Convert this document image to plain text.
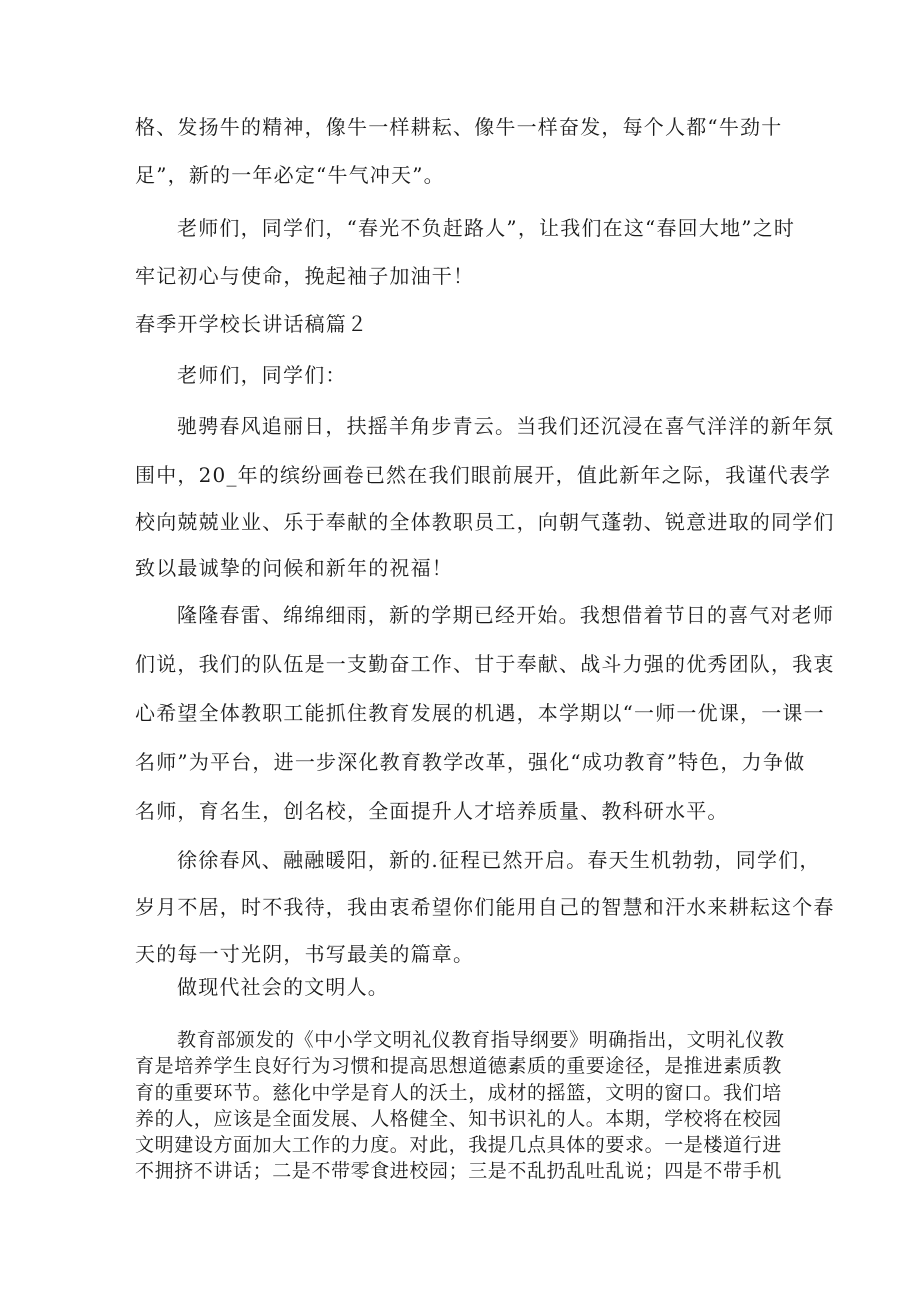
格、发扬牛的精神，像牛一样耕耘、像牛一样奋发，每个人都“牛劲十
足”，新的一年必定“牛气冲天”。
老师们，同学们，“春光不负赶路人”，让我们在这“春回大地”之时
牢记初心与使命，挽起袖子加油干！
春季开学校长讲话稿篇２
老师们，同学们：
驰骋春风追丽日，扶摇羊角步青云。当我们还沉浸在喜气洋洋的新年氛
围中，20_年的缤纷画卷已然在我们眼前展开，值此新年之际，我谨代表学
校向兢兢业业、乐于奉献的全体教职员工，向朝气蓬勃、锐意进取的同学们
致以最诚挚的问候和新年的祝福！
隆隆春雷、绵绵细雨，新的学期已经开始。我想借着节日的喜气对老师
们说，我们的队伍是一支勤奋工作、甘于奉献、战斗力强的优秀团队，我衷
心希望全体教职工能抓住教育发展的机遇，本学期以“一师一优课，一课一
名师”为平台，进一步深化教育教学改革，强化“成功教育”特色，力争做
名师，育名生，创名校，全面提升人才培养质量、教科研水平。
徐徐春风、融融暖阳，新的.征程已然开启。春天生机勃勃，同学们，
岁月不居，时不我待，我由衷希望你们能用自己的智慧和汗水来耕耘这个春
天的每一寸光阴，书写最美的篇章。
做现代社会的文明人。
教育部颁发的《中小学文明礼仪教育指导纲要》明确指出，文明礼仪教
育是培养学生良好行为习惯和提高思想道德素质的重要途径，是推进素质教
育的重要环节。慈化中学是育人的沃土，成材的摇篮，文明的窗口。我们培
养的人，应该是全面发展、人格健全、知书识礼的人。本期，学校将在校园
文明建设方面加大工作的力度。对此，我提几点具体的要求。一是楼道行进
不拥挤不讲话；二是不带零食进校园；三是不乱扔乱吐乱说；四是不带手机
